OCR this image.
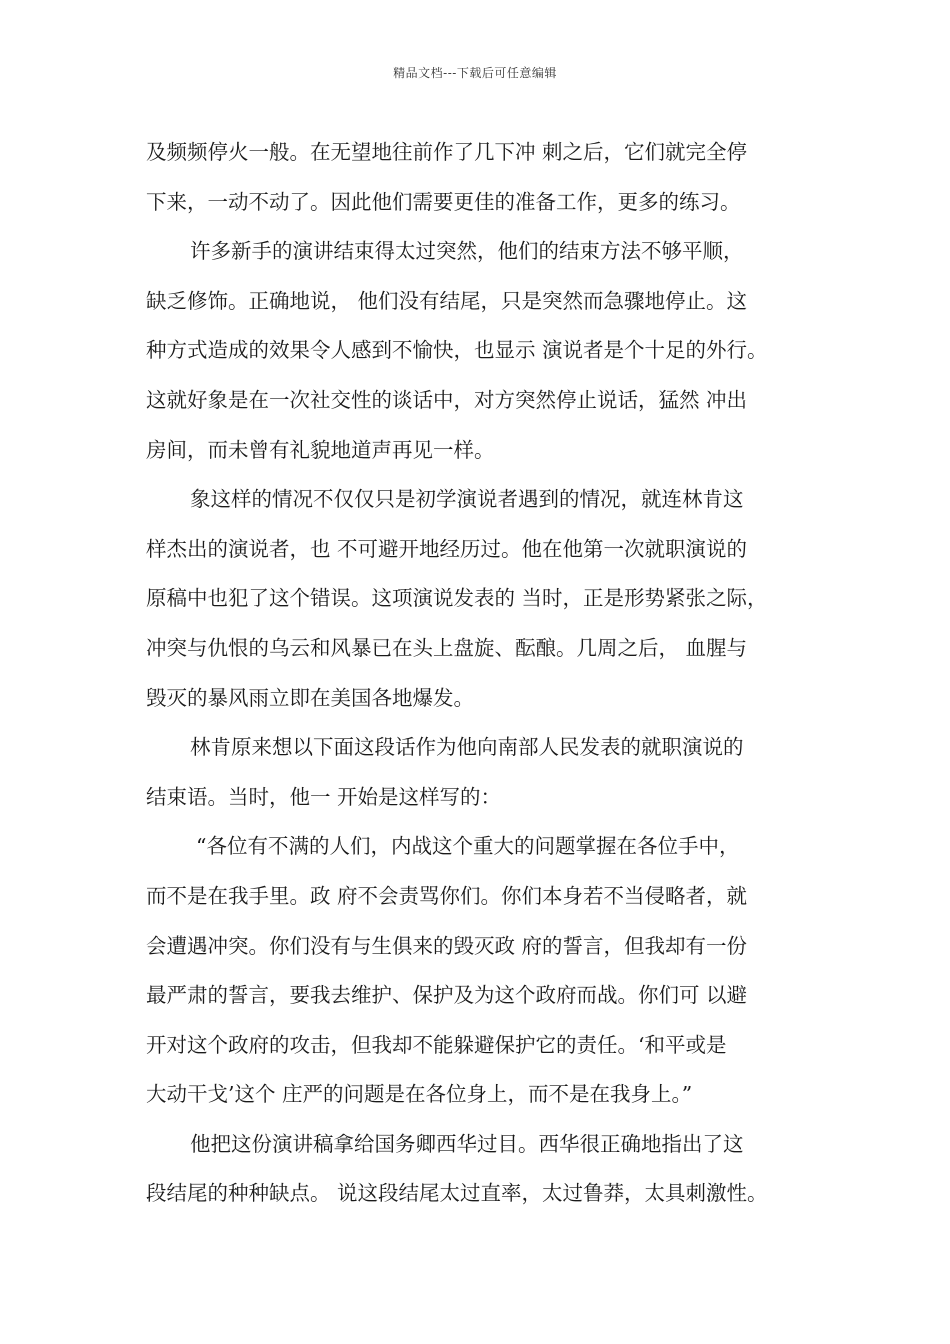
精品文档---下载后可任意编辑
及频频停火一般。在无望地往前作了几下冲 刺之后，它们就完全停
下来，一动不动了。因此他们需要更佳的准备工作，更多的练习。
许多新手的演讲结束得太过突然，他们的结束方法不够平顺，
缺乏修饰。正确地说， 他们没有结尾，只是突然而急骤地停止。这
种方式造成的效果令人感到不愉快，也显示 演说者是个十足的外行。
这就好象是在一次社交性的谈话中，对方突然停止说话，猛然 冲出
房间，而未曾有礼貌地道声再见一样。
象这样的情况不仅仅只是初学演说者遇到的情况，就连林肯这
样杰出的演说者，也 不可避开地经历过。他在他第一次就职演说的
原稿中也犯了这个错误。这项演说发表的 当时，正是形势紧张之际，
冲突与仇恨的乌云和风暴已在头上盘旋、酝酿。几周之后， 血腥与
毁灭的暴风雨立即在美国各地爆发。
林肯原来想以下面这段话作为他向南部人民发表的就职演说的
结束语。当时，他一 开始是这样写的：
“各位有不满的人们，内战这个重大的问题掌握在各位手中，
而不是在我手里。政 府不会责骂你们。你们本身若不当侵略者，就
会遭遇冲突。你们没有与生俱来的毁灭政 府的誓言，但我却有一份
最严肃的誓言，要我去维护、保护及为这个政府而战。你们可 以避
开对这个政府的攻击，但我却不能躲避保护它的责任。‘和平或是
大动干戈’这个 庄严的问题是在各位身上，而不是在我身上。”
他把这份演讲稿拿给国务卿西华过目。西华很正确地指出了这
段结尾的种种缺点。 说这段结尾太过直率，太过鲁莽，太具刺激性。
